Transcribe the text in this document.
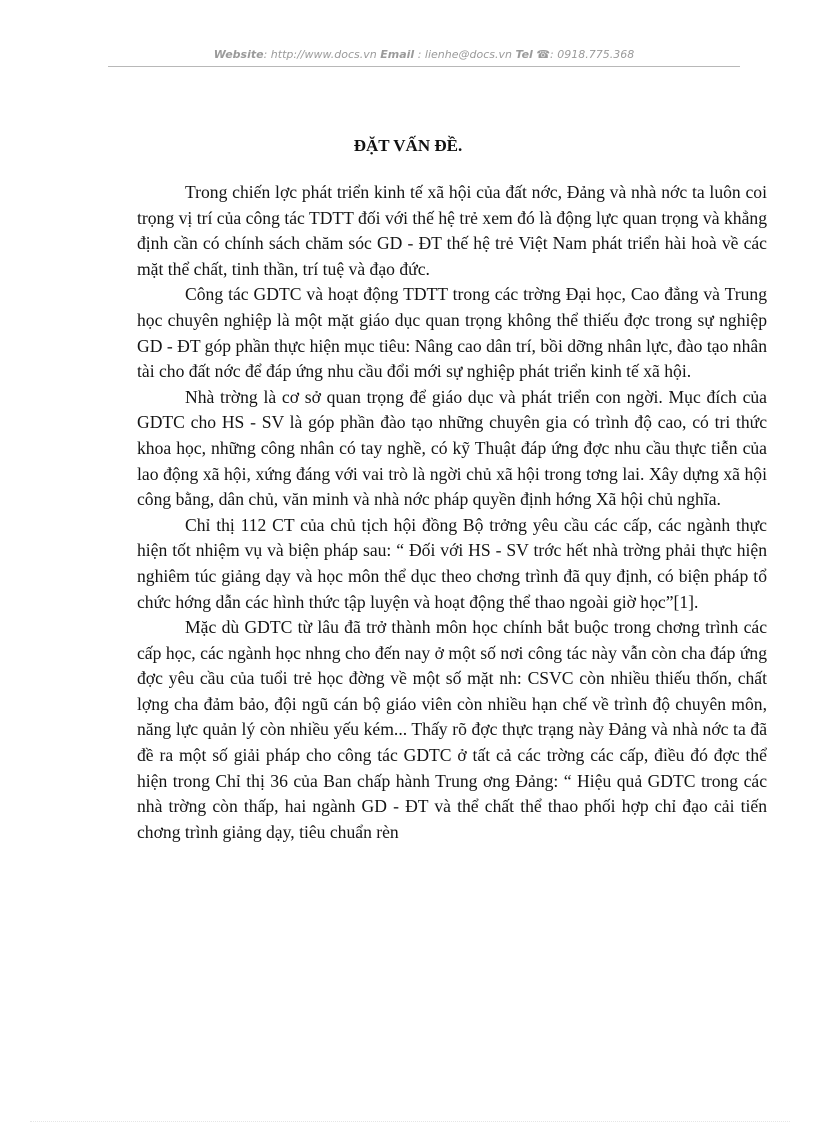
Website: http://www.docs.vn Email : lienhe@docs.vn Tel ☎: 0918.775.368
ĐẶT VẤN ĐỀ.

Trong chiến lợc phát triển kinh tế xã hội của đất nớc, Đảng và nhà nớc ta luôn coi trọng vị trí của công tác TDTT đối với thế hệ trẻ xem đó là động lực quan trọng và khẳng định cần có chính sách chăm sóc GD - ĐT thế hệ trẻ Việt Nam phát triển hài hoà về các mặt thể chất, tinh thần, trí tuệ và đạo đức.

Công tác GDTC và hoạt động TDTT trong các trờng Đại học, Cao đẳng và Trung học chuyên nghiệp là một mặt giáo dục quan trọng không thể thiếu đợc trong sự nghiệp GD - ĐT góp phần thực hiện mục tiêu: Nâng cao dân trí, bồi dỡng nhân lực, đào tạo nhân tài cho đất nớc để đáp ứng nhu cầu đổi mới sự nghiệp phát triển kinh tế xã hội.

Nhà trờng là cơ sở quan trọng để giáo dục và phát triển con ngời. Mục đích của GDTC cho HS - SV là góp phần đào tạo những chuyên gia có trình độ cao, có tri thức khoa học, những công nhân có tay nghề, có kỹ Thuật đáp ứng đợc nhu cầu thực tiễn của lao động xã hội, xứng đáng với vai trò là ngời chủ xã hội trong tơng lai. Xây dựng xã hội công bằng, dân chủ, văn minh và nhà nớc pháp quyền định hớng Xã hội chủ nghĩa.

Chỉ thị 112 CT của chủ tịch hội đồng Bộ trởng yêu cầu các cấp, các ngành thực hiện tốt nhiệm vụ và biện pháp sau: “ Đối với HS - SV trớc hết nhà trờng phải thực hiện nghiêm túc giảng dạy và học môn thể dục theo chơng trình đã quy định, có biện pháp tổ chức hớng dẫn các hình thức tập luyện và hoạt động thể thao ngoài giờ học”[1].

Mặc dù GDTC từ lâu đã trở thành môn học chính bắt buộc trong chơng trình các cấp học, các ngành học nhng cho đến nay ở một số nơi công tác này vẫn còn cha đáp ứng đợc yêu cầu của tuổi trẻ học đờng về một số mặt nh: CSVC còn nhiều thiếu thốn, chất lợng cha đảm bảo, đội ngũ cán bộ giáo viên còn nhiều hạn chế về trình độ chuyên môn, năng lực quản lý còn nhiều yếu kém... Thấy rõ đợc thực trạng này Đảng và nhà nớc ta đã đề ra một số giải pháp cho công tác GDTC ở tất cả các trờng các cấp, điều đó đợc thể hiện trong Chỉ thị 36 của Ban chấp hành Trung ơng Đảng: “ Hiệu quả GDTC trong các nhà trờng còn thấp, hai ngành GD - ĐT và thể chất thể thao phối hợp chỉ đạo cải tiến chơng trình giảng dạy, tiêu chuẩn rèn
